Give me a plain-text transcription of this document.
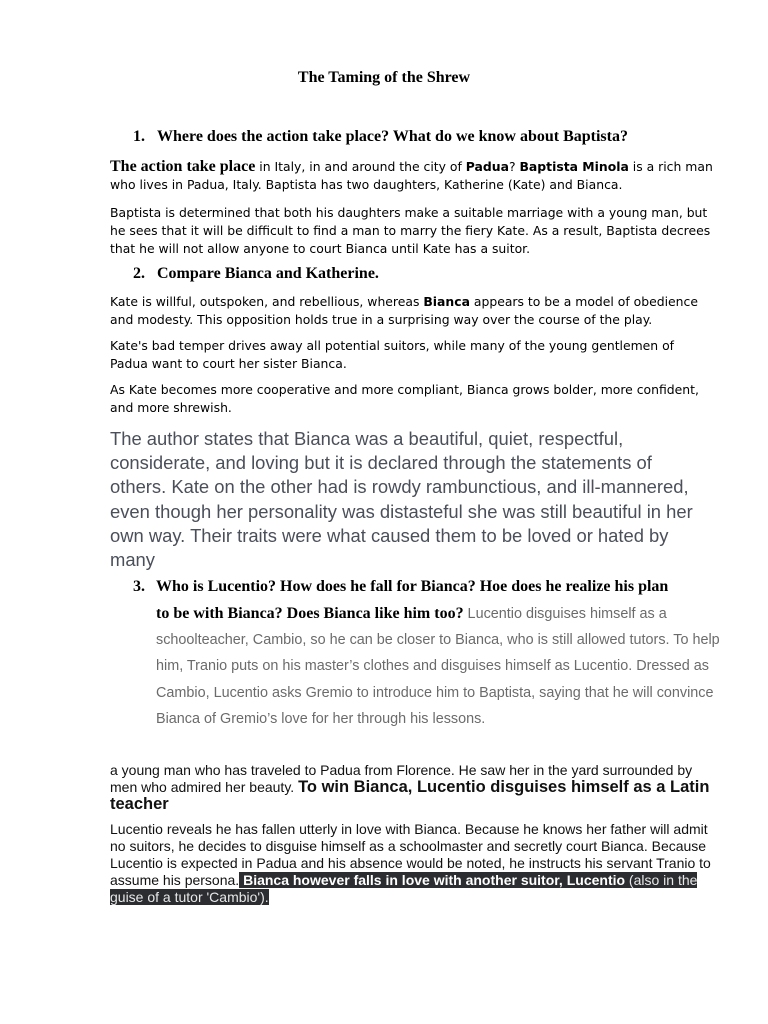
The Taming of the Shrew
1. Where does the action take place? What do we know about Baptista?
The action take place in Italy, in and around the city of Padua? Baptista Minola is a rich man who lives in Padua, Italy. Baptista has two daughters, Katherine (Kate) and Bianca.
Baptista is determined that both his daughters make a suitable marriage with a young man, but he sees that it will be difficult to find a man to marry the fiery Kate. As a result, Baptista decrees that he will not allow anyone to court Bianca until Kate has a suitor.
2. Compare Bianca and Katherine.
Kate is willful, outspoken, and rebellious, whereas Bianca appears to be a model of obedience and modesty. This opposition holds true in a surprising way over the course of the play.
Kate's bad temper drives away all potential suitors, while many of the young gentlemen of Padua want to court her sister Bianca.
As Kate becomes more cooperative and more compliant, Bianca grows bolder, more confident, and more shrewish.
The author states that Bianca was a beautiful, quiet, respectful, considerate, and loving but it is declared through the statements of others. Kate on the other had is rowdy rambunctious, and ill-mannered, even though her personality was distasteful she was still beautiful in her own way. Their traits were what caused them to be loved or hated by many
3. Who is Lucentio? How does he fall for Bianca? Hoe does he realize his plan
to be with Bianca? Does Bianca like him too? Lucentio disguises himself as a schoolteacher, Cambio, so he can be closer to Bianca, who is still allowed tutors. To help him, Tranio puts on his master’s clothes and disguises himself as Lucentio. Dressed as Cambio, Lucentio asks Gremio to introduce him to Baptista, saying that he will convince Bianca of Gremio’s love for her through his lessons.
a young man who has traveled to Padua from Florence. He saw her in the yard surrounded by men who admired her beauty. To win Bianca, Lucentio disguises himself as a Latin teacher
Lucentio reveals he has fallen utterly in love with Bianca. Because he knows her father will admit no suitors, he decides to disguise himself as a schoolmaster and secretly court Bianca. Because Lucentio is expected in Padua and his absence would be noted, he instructs his servant Tranio to assume his persona. Bianca however falls in love with another suitor, Lucentio (also in the guise of a tutor 'Cambio').
